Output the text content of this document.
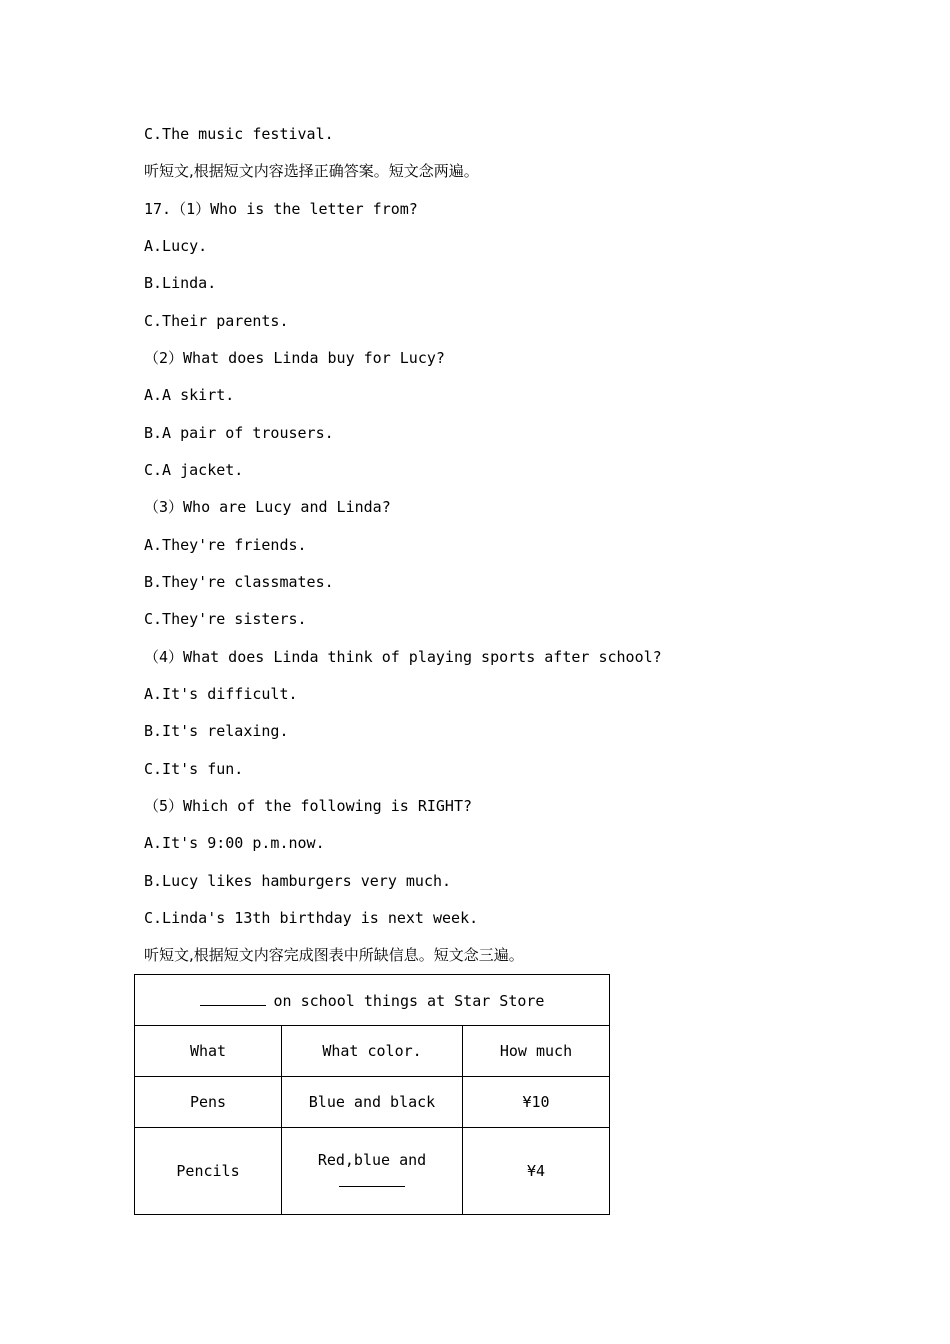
C.The music festival.
听短文,根据短文内容选择正确答案。短文念两遍。
17.（1）Who is the letter from?
A.Lucy.
B.Linda.
C.Their parents.
（2）What does Linda buy for Lucy?
A.A skirt.
B.A pair of trousers.
C.A jacket.
（3）Who are Lucy and Linda?
A.They're friends.
B.They're classmates.
C.They're sisters.
（4）What does Linda think of playing sports after school?
A.It's difficult.
B.It's relaxing.
C.It's fun.
（5）Which of the following is RIGHT?
A.It's 9:00 p.m.now.
B.Lucy likes hamburgers very much.
C.Linda's 13th birthday is next week.
听短文,根据短文内容完成图表中所缺信息。短文念三遍。
on school things at Star Store		
What	What color.	How much
Pens	Blue and black	¥10
Pencils	Red,blue and	¥4
